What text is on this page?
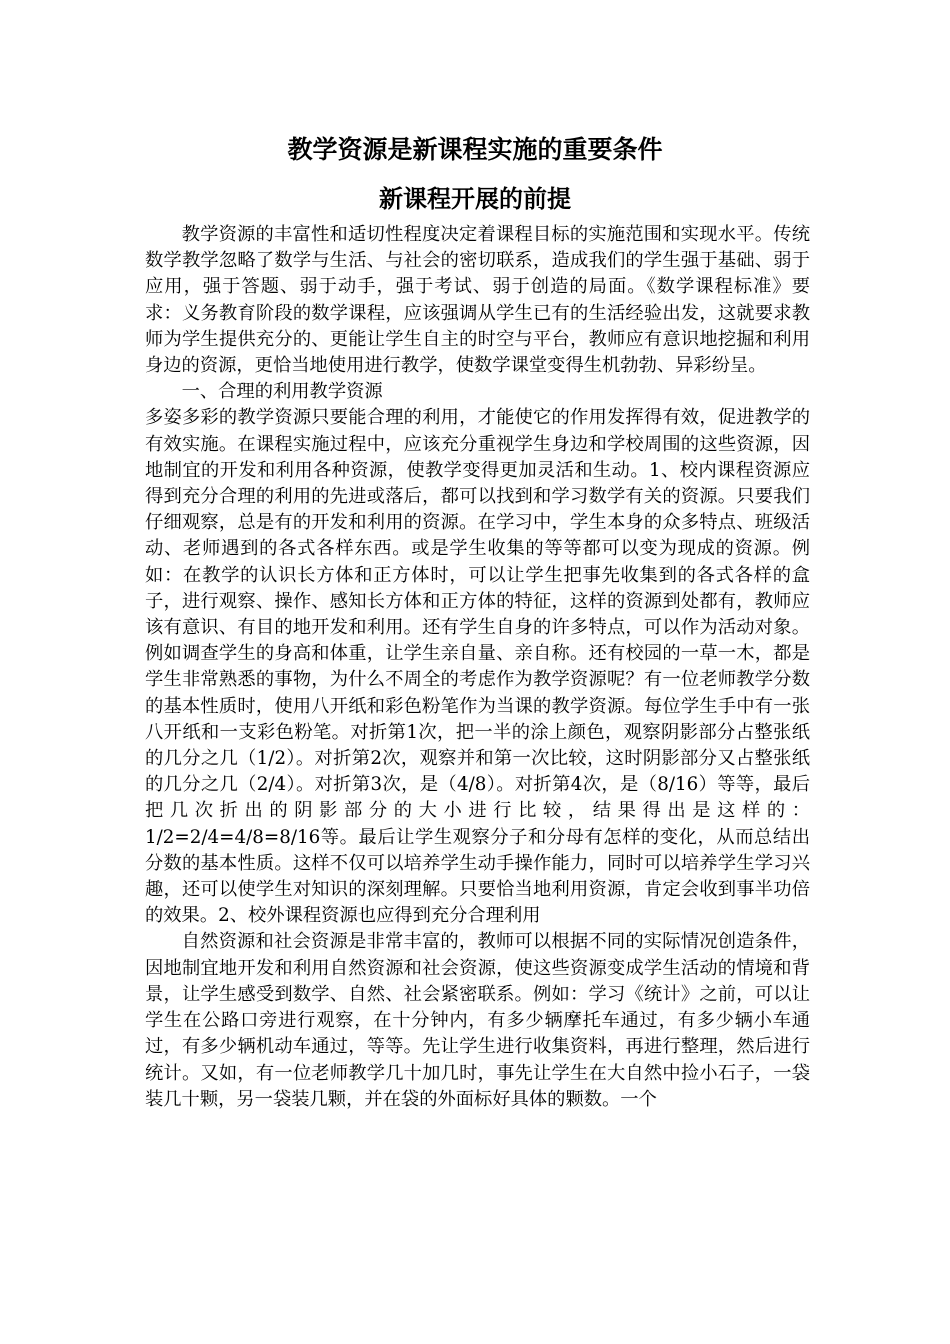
教学资源是新课程实施的重要条件
新课程开展的前提

教学资源的丰富性和适切性程度决定着课程目标的实施范围和实现水平。传统数学教学忽略了数学与生活、与社会的密切联系，造成我们的学生强于基础、弱于应用，强于答题、弱于动手，强于考试、弱于创造的局面。《数学课程标准》要求：义务教育阶段的数学课程，应该强调从学生已有的生活经验出发，这就要求教师为学生提供充分的、更能让学生自主的时空与平台，教师应有意识地挖掘和利用身边的资源，更恰当地使用进行教学，使数学课堂变得生机勃勃、异彩纷呈。

一、合理的利用教学资源

多姿多彩的教学资源只要能合理的利用，才能使它的作用发挥得有效，促进教学的有效实施。在课程实施过程中，应该充分重视学生身边和学校周围的这些资源，因地制宜的开发和利用各种资源，使教学变得更加灵活和生动。1、校内课程资源应得到充分合理的利用的先进或落后，都可以找到和学习数学有关的资源。只要我们仔细观察，总是有的开发和利用的资源。在学习中，学生本身的众多特点、班级活动、老师遇到的各式各样东西。或是学生收集的等等都可以变为现成的资源。例如：在教学的认识长方体和正方体时，可以让学生把事先收集到的各式各样的盒子，进行观察、操作、感知长方体和正方体的特征，这样的资源到处都有，教师应该有意识、有目的地开发和利用。还有学生自身的许多特点，可以作为活动对象。例如调查学生的身高和体重，让学生亲自量、亲自称。还有校园的一草一木，都是学生非常熟悉的事物，为什么不周全的考虑作为教学资源呢？有一位老师教学分数的基本性质时，使用八开纸和彩色粉笔作为当课的教学资源。每位学生手中有一张八开纸和一支彩色粉笔。对折第1次，把一半的涂上颜色，观察阴影部分占整张纸的几分之几（1/2）。对折第2次，观察并和第一次比较，这时阴影部分又占整张纸的几分之几（2/4）。对折第3次，是（4/8）。对折第4次，是（8/16）等等，最后把几次折出的阴影部分的大小进行比较，结果得出是这样的：1/2=2/4=4/8=8/16等。最后让学生观察分子和分母有怎样的变化，从而总结出分数的基本性质。这样不仅可以培养学生动手操作能力，同时可以培养学生学习兴趣，还可以使学生对知识的深刻理解。只要恰当地利用资源，肯定会收到事半功倍的效果。2、校外课程资源也应得到充分合理利用

自然资源和社会资源是非常丰富的，教师可以根据不同的实际情况创造条件，因地制宜地开发和利用自然资源和社会资源，使这些资源变成学生活动的情境和背景，让学生感受到数学、自然、社会紧密联系。例如：学习《统计》之前，可以让学生在公路口旁进行观察，在十分钟内，有多少辆摩托车通过，有多少辆小车通过，有多少辆机动车通过，等等。先让学生进行收集资料，再进行整理，然后进行统计。又如，有一位老师教学几十加几时，事先让学生在大自然中捡小石子，一袋装几十颗，另一袋装几颗，并在袋的外面标好具体的颗数。一个
